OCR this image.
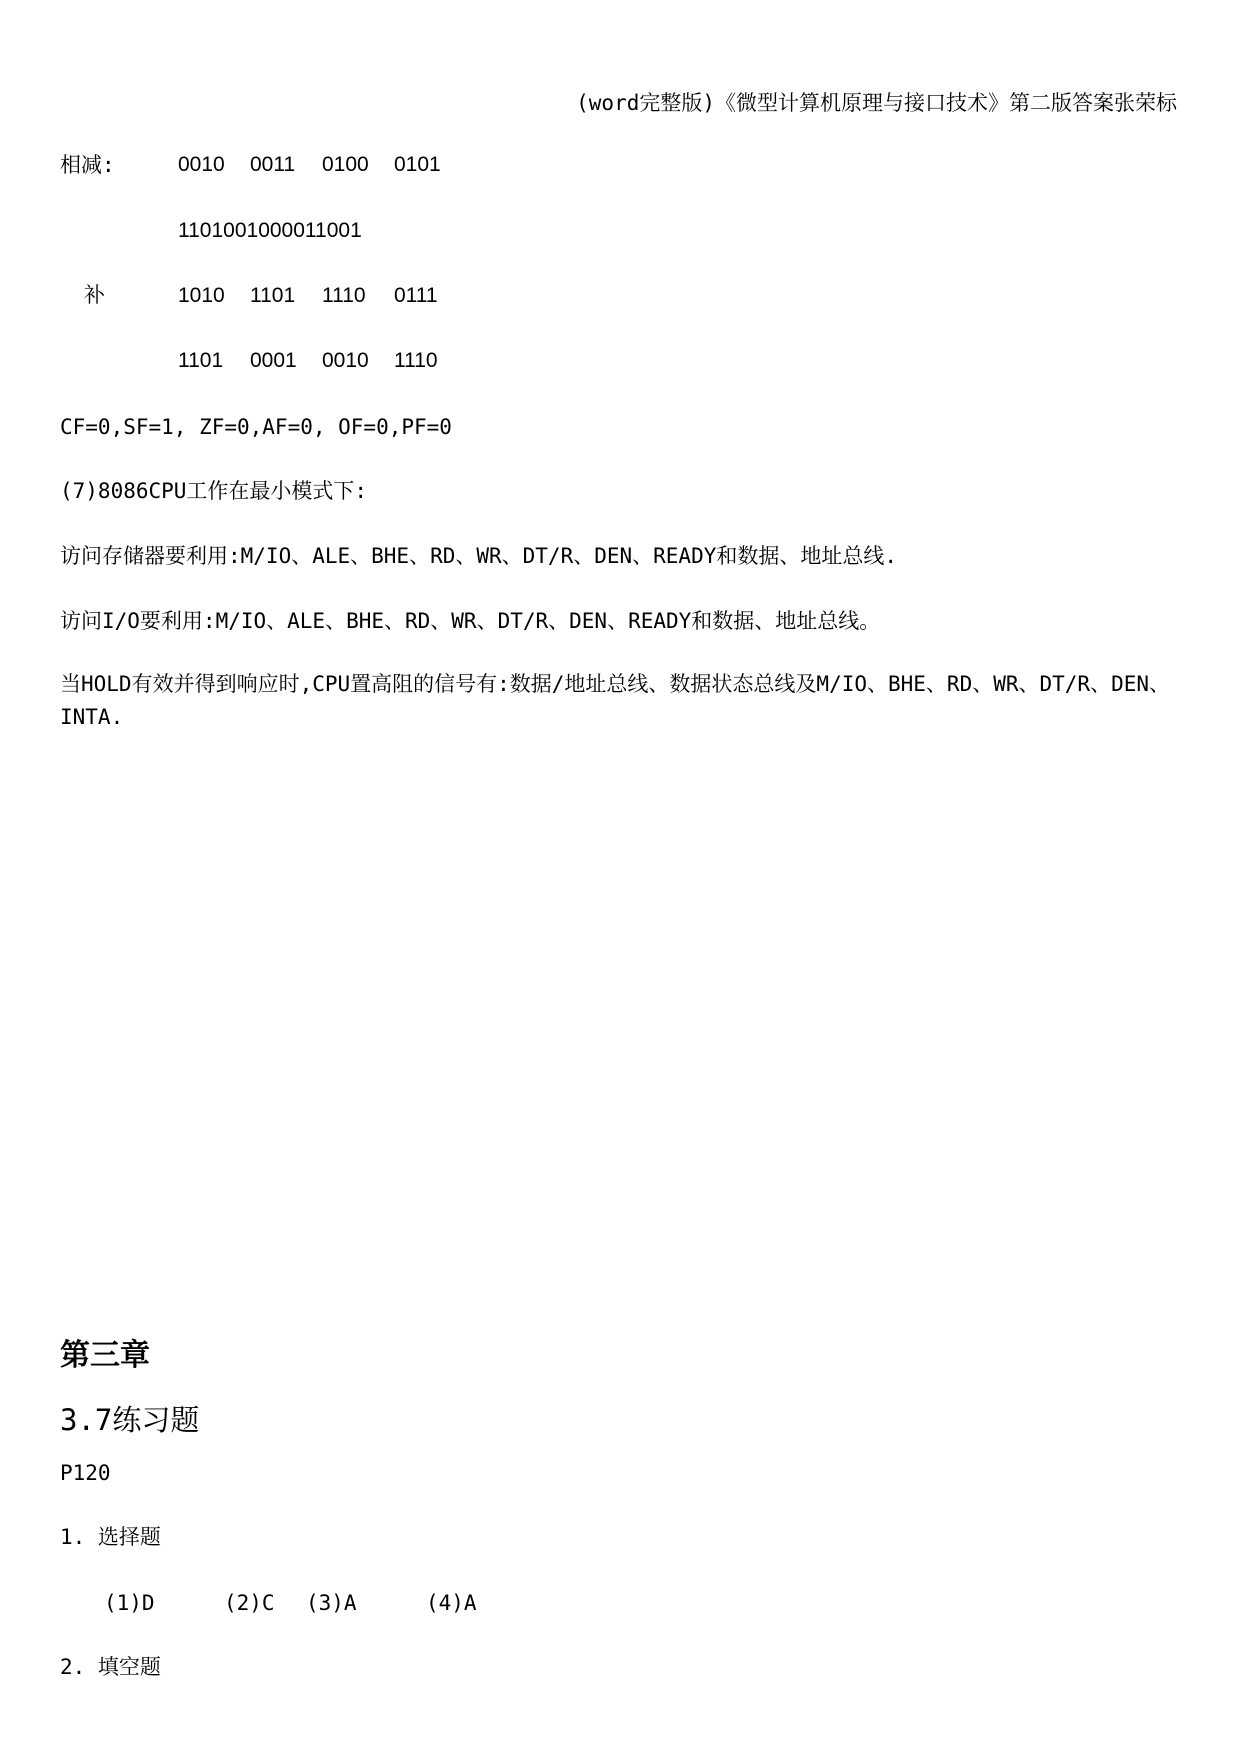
(word完整版)《微型计算机原理与接口技术》第二版答案张荣标
相减:	0010 0011 0100 0101
1101001000011001
补	1010 1101 1110 0111
1101 0001 0010 1110
CF=0,SF=1, ZF=0,AF=0, OF=0,PF=0
(7)8086CPU工作在最小模式下:
访问存储器要利用:M/IO、ALE、BHE、RD、WR、DT/R、DEN、READY和数据、地址总线.
访问I/O要利用:M/IO、ALE、BHE、RD、WR、DT/R、DEN、READY和数据、地址总线。
当HOLD有效并得到响应时,CPU置高阻的信号有:数据/地址总线、数据状态总线及M/IO、BHE、RD、WR、DT/R、DEN、INTA.
第三章
3.7练习题
P120
1. 选择题
(1)D	(2)C (3)A	(4)A
2. 填空题
